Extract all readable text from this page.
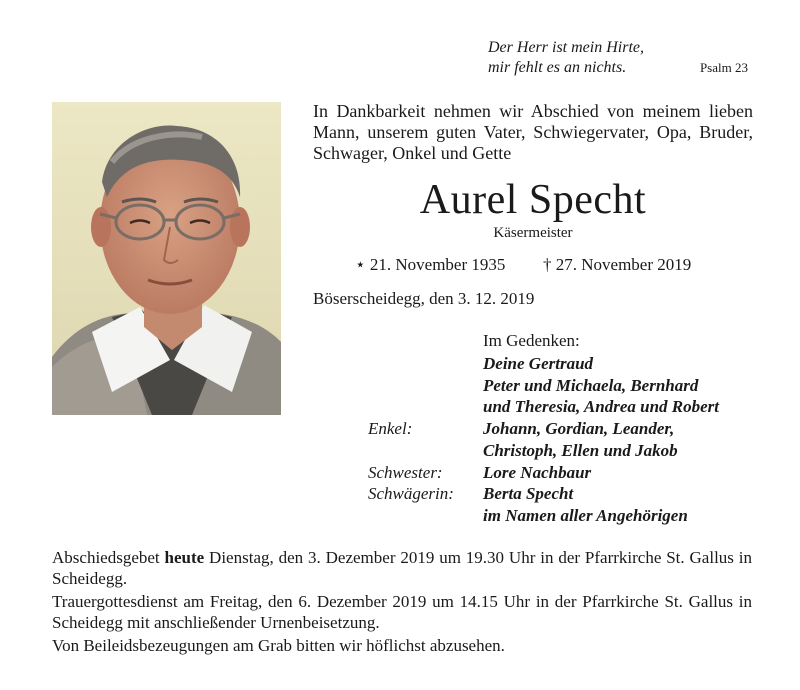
Der Herr ist mein Hirte,
mir fehlt es an nichts.	Psalm 23
In Dankbarkeit nehmen wir Abschied von meinem lieben Mann, unserem guten Vater, Schwiegervater, Opa, Bruder, Schwager, Onkel und Gette
Aurel Specht
Käsermeister
⋆ 21. November 1935 † 27. November 2019
Böserscheidegg, den 3. 12. 2019
Im Gedenken:
Deine Gertraud
Peter und Michaela, Bernhard
und Theresia, Andrea und Robert
Enkel:	Johann, Gordian, Leander,
Christoph, Ellen und Jakob
Schwester:	Lore Nachbaur
Schwägerin:	Berta Specht
im Namen aller Angehörigen

Abschiedsgebet heute Dienstag, den 3. Dezember 2019 um 19.30 Uhr in der Pfarrkirche St. Gallus in Scheidegg.

Trauergottesdienst am Freitag, den 6. Dezember 2019 um 14.15 Uhr in der Pfarrkirche St. Gallus in Scheidegg mit anschließender Urnenbeisetzung.

Von Beileidsbezeugungen am Grab bitten wir höflichst abzusehen.
